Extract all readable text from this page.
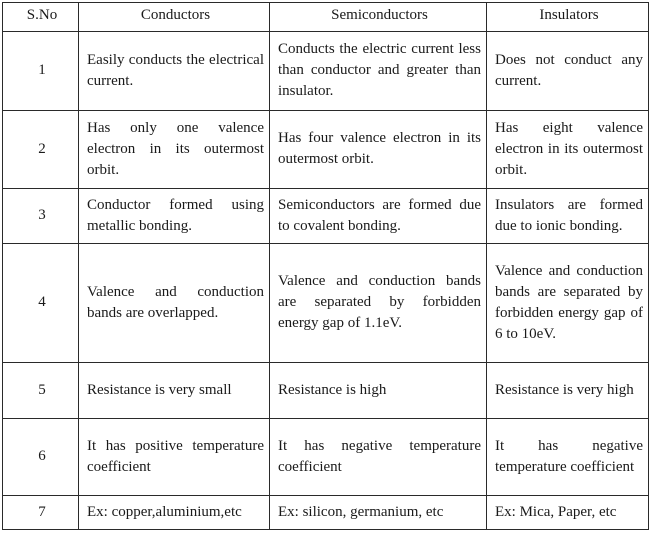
S.No	Conductors	Semiconductors	Insulators
1	Easily conducts the electrical current.	Conducts the electric current less than conductor and greater than insulator.	Does not conduct any current.
2	Has only one valence electron in its outermost orbit.	Has four valence electron in its outermost orbit.	Has eight valence electron in its outermost orbit.
3	Conductor formed using metallic bonding.	Semiconductors are formed due to covalent bonding.	Insulators are formed due to ionic bonding.
4	Valence and conduction bands are overlapped.	Valence and conduction bands are separated by forbidden energy gap of 1.1eV.	Valence and conduction bands are separated by forbidden energy gap of 6 to 10eV.
5	Resistance is very small	Resistance is high	Resistance is very high
6	It has positive temperature coefficient	It has negative temperature coefficient	It has negative temperature coefficient
7	Ex: copper,aluminium,etc	Ex: silicon, germanium, etc	Ex: Mica, Paper, etc
